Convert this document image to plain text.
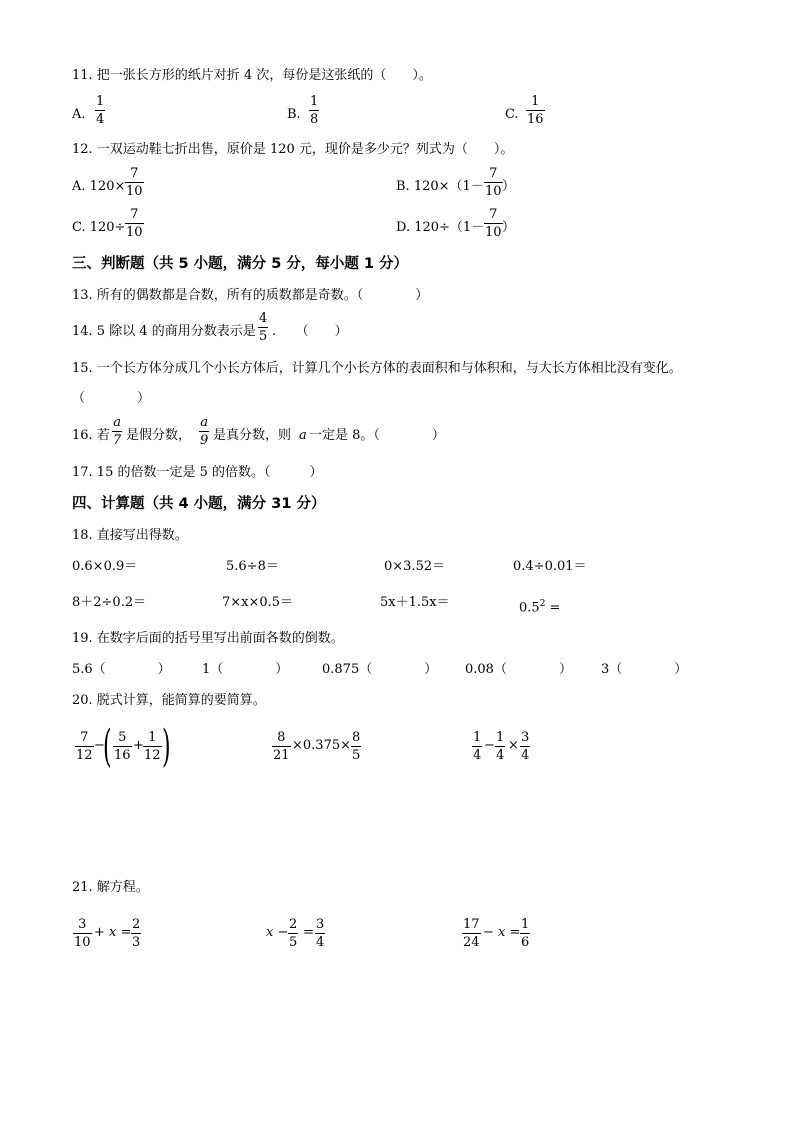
11. 把一张长方形的纸片对折 4 次，每份是这张纸的（　　）。
A.
1
4	B.
1
8	C.
1
16
12. 一双运动鞋七折出售，原价是 120 元，现价是多少元？列式为（　　）。
A. 120×
7
10	B. 120×（1－
7
10 ）
C. 120÷
7
10	D. 120÷（1－
7
10 ）
三、判断题（共 5 小题，满分 5 分，每小题 1 分）
13. 所有的偶数都是合数，所有的质数都是奇数。（　　　　）
14. 5 除以 4 的商用分数表示是
4
5 .　　（　　）
15. 一个长方体分成几个小长方体后，计算几个小长方体的表面积和与体积和，与大长方体相比没有变化。
（　　　　）
16. 若
a
7 是假分数，
a
9 是真分数，则 a 一定是 8。（　　　　）
17. 15 的倍数一定是 5 的倍数。（　　　）
四、计算题（共 4 小题，满分 31 分）
18. 直接写出得数。
0.6×0.9＝	5.6÷8＝	0×3.52＝	0.4÷0.01＝
8＋2÷0.2＝	7×x×0.5＝	5x＋1.5x＝	$0.5^2$ =
19. 在数字后面的括号里写出前面各数的倒数。
5.6（　　　　） 1（　　　　）	0.875（　　　　） 0.08（　　　　） 3（　　　　）
20. 脱式计算，能简算的要简算。
7
12
−
( 5
16
+
1
12 )	8
21
×0.375×
8
5
1
4
−
1
4
×
3
4
21. 解方程。
3
10
+ x =
2
3
x −
2
5
=
3
4
17
24
− x =
1
6
